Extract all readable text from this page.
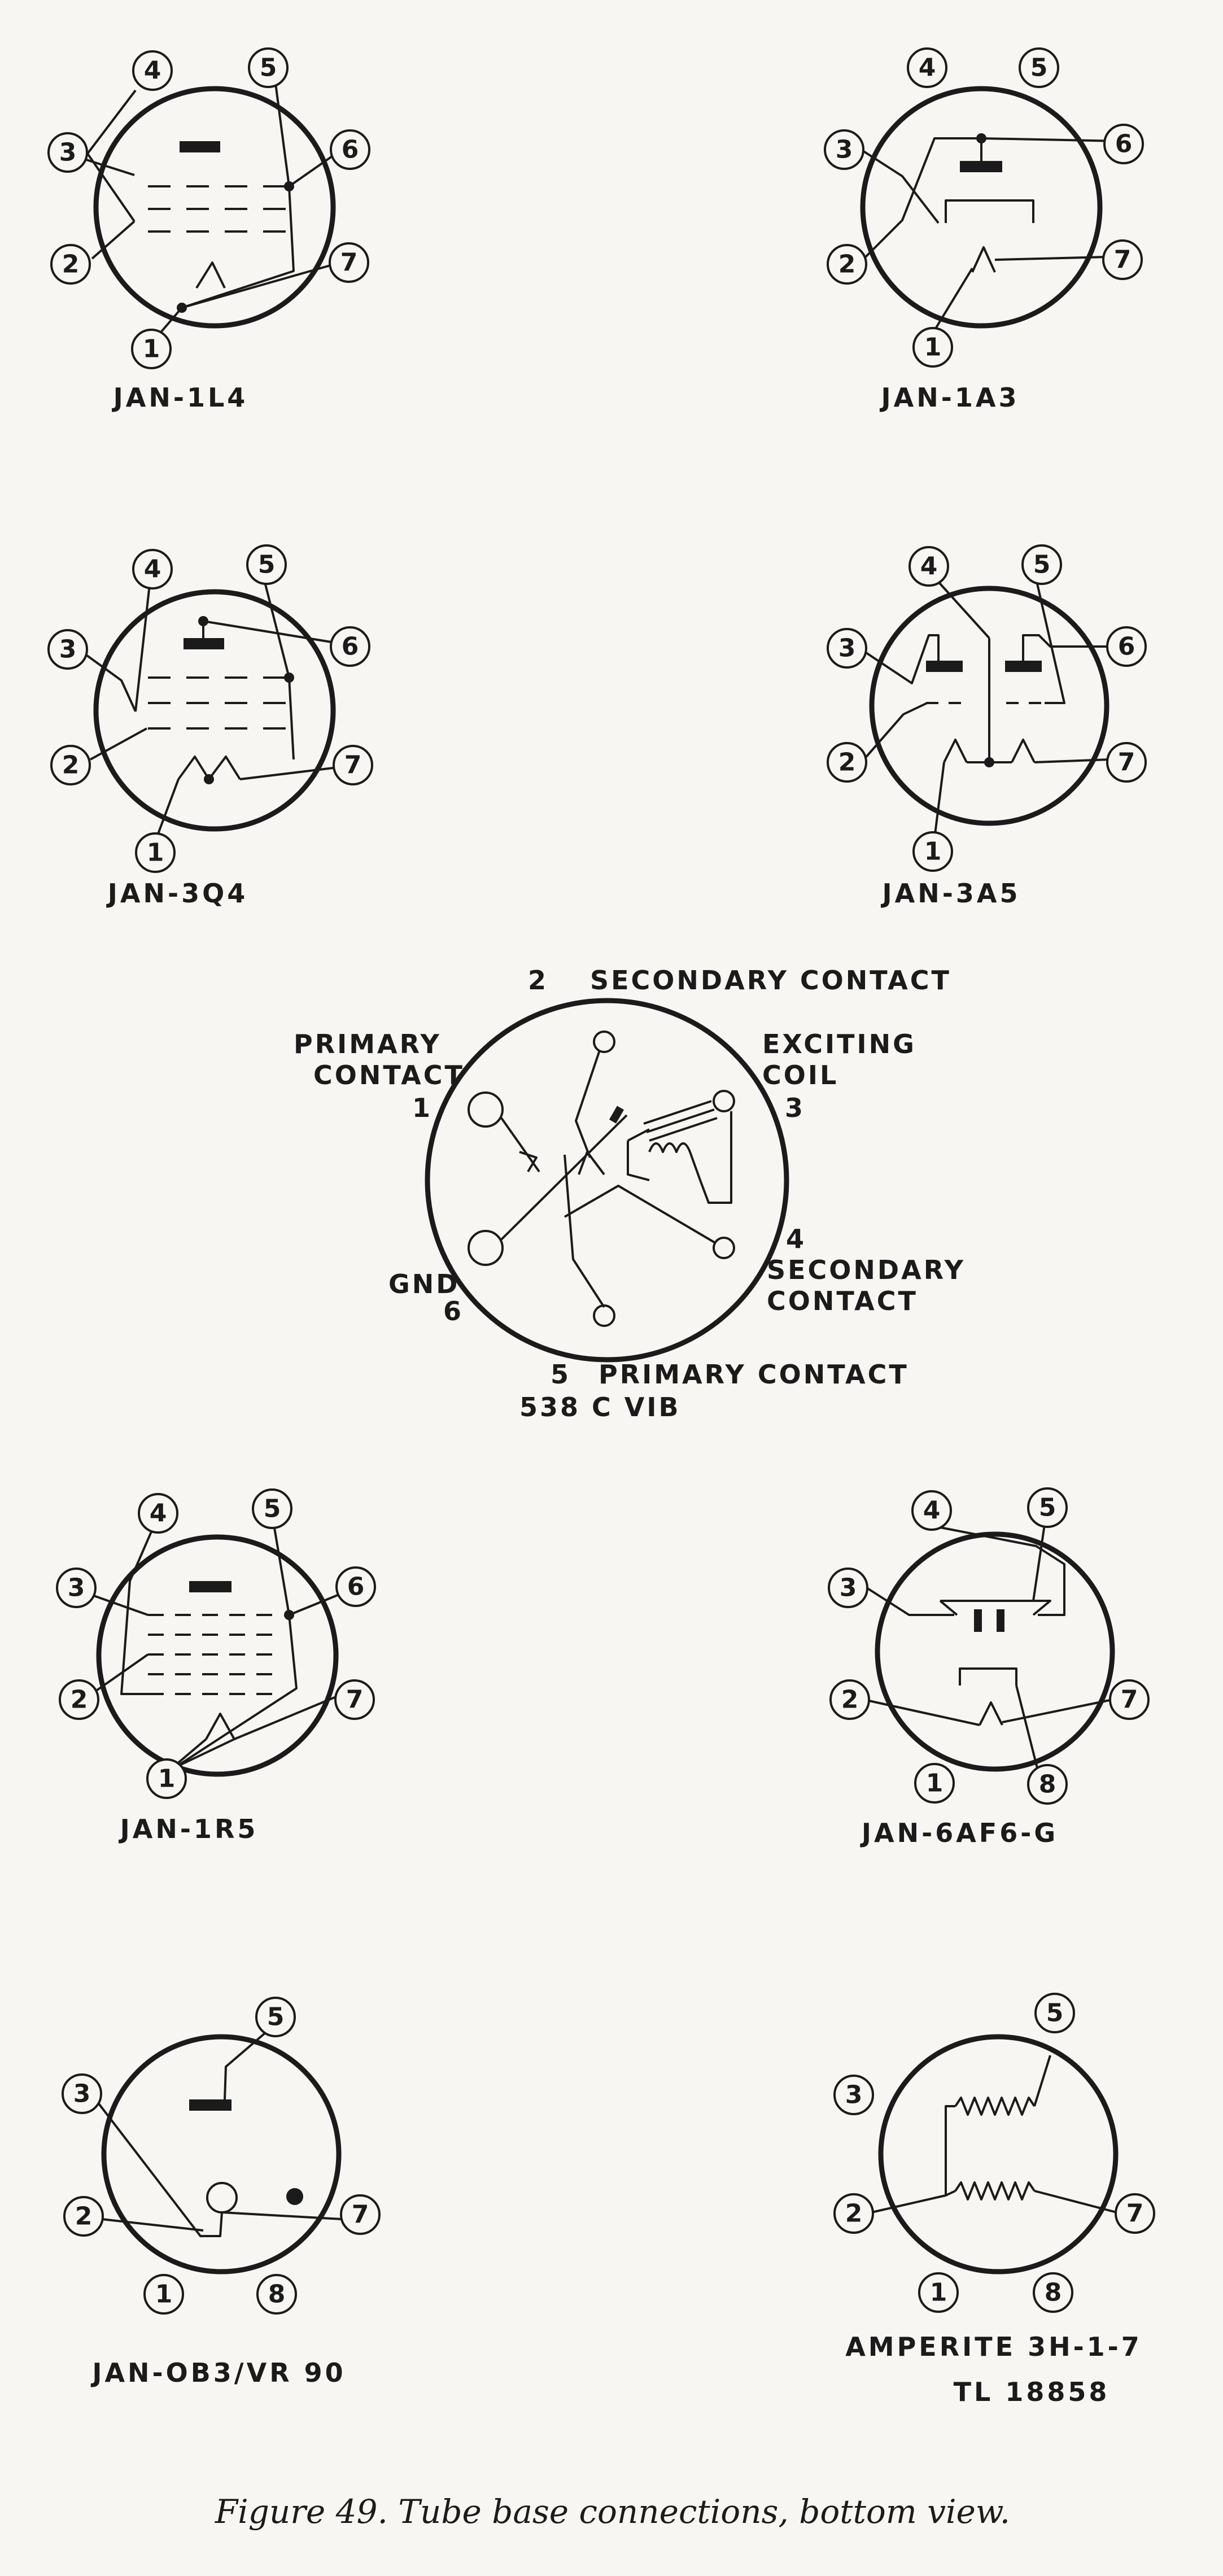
1
2
3
4	5
6
7
JAN-1L4
1
2
3
4	5
6
7
JAN-1A3
1
2
3
4	5
6
7
JAN-3Q4
1
2
3
4	5
6
7
JAN-3A5
2 SECONDARY CONTACT
PRIMARY
CONTACT
1
EXCITING
COIL
3
4
SECONDARY
CONTACT
GND
6
5 PRIMARY CONTACT
538 C VIB
1
2
3
4	5
6
7
JAN-1R5
1
2
3
4	5
7
8
JAN-6AF6-G
1
2
3
5
7
8
JAN-OB3/VR 90
1
2
3
5
7
8
AMPERITE 3H-1-7
TL 18858
Figure 49. Tube base connections, bottom view.
